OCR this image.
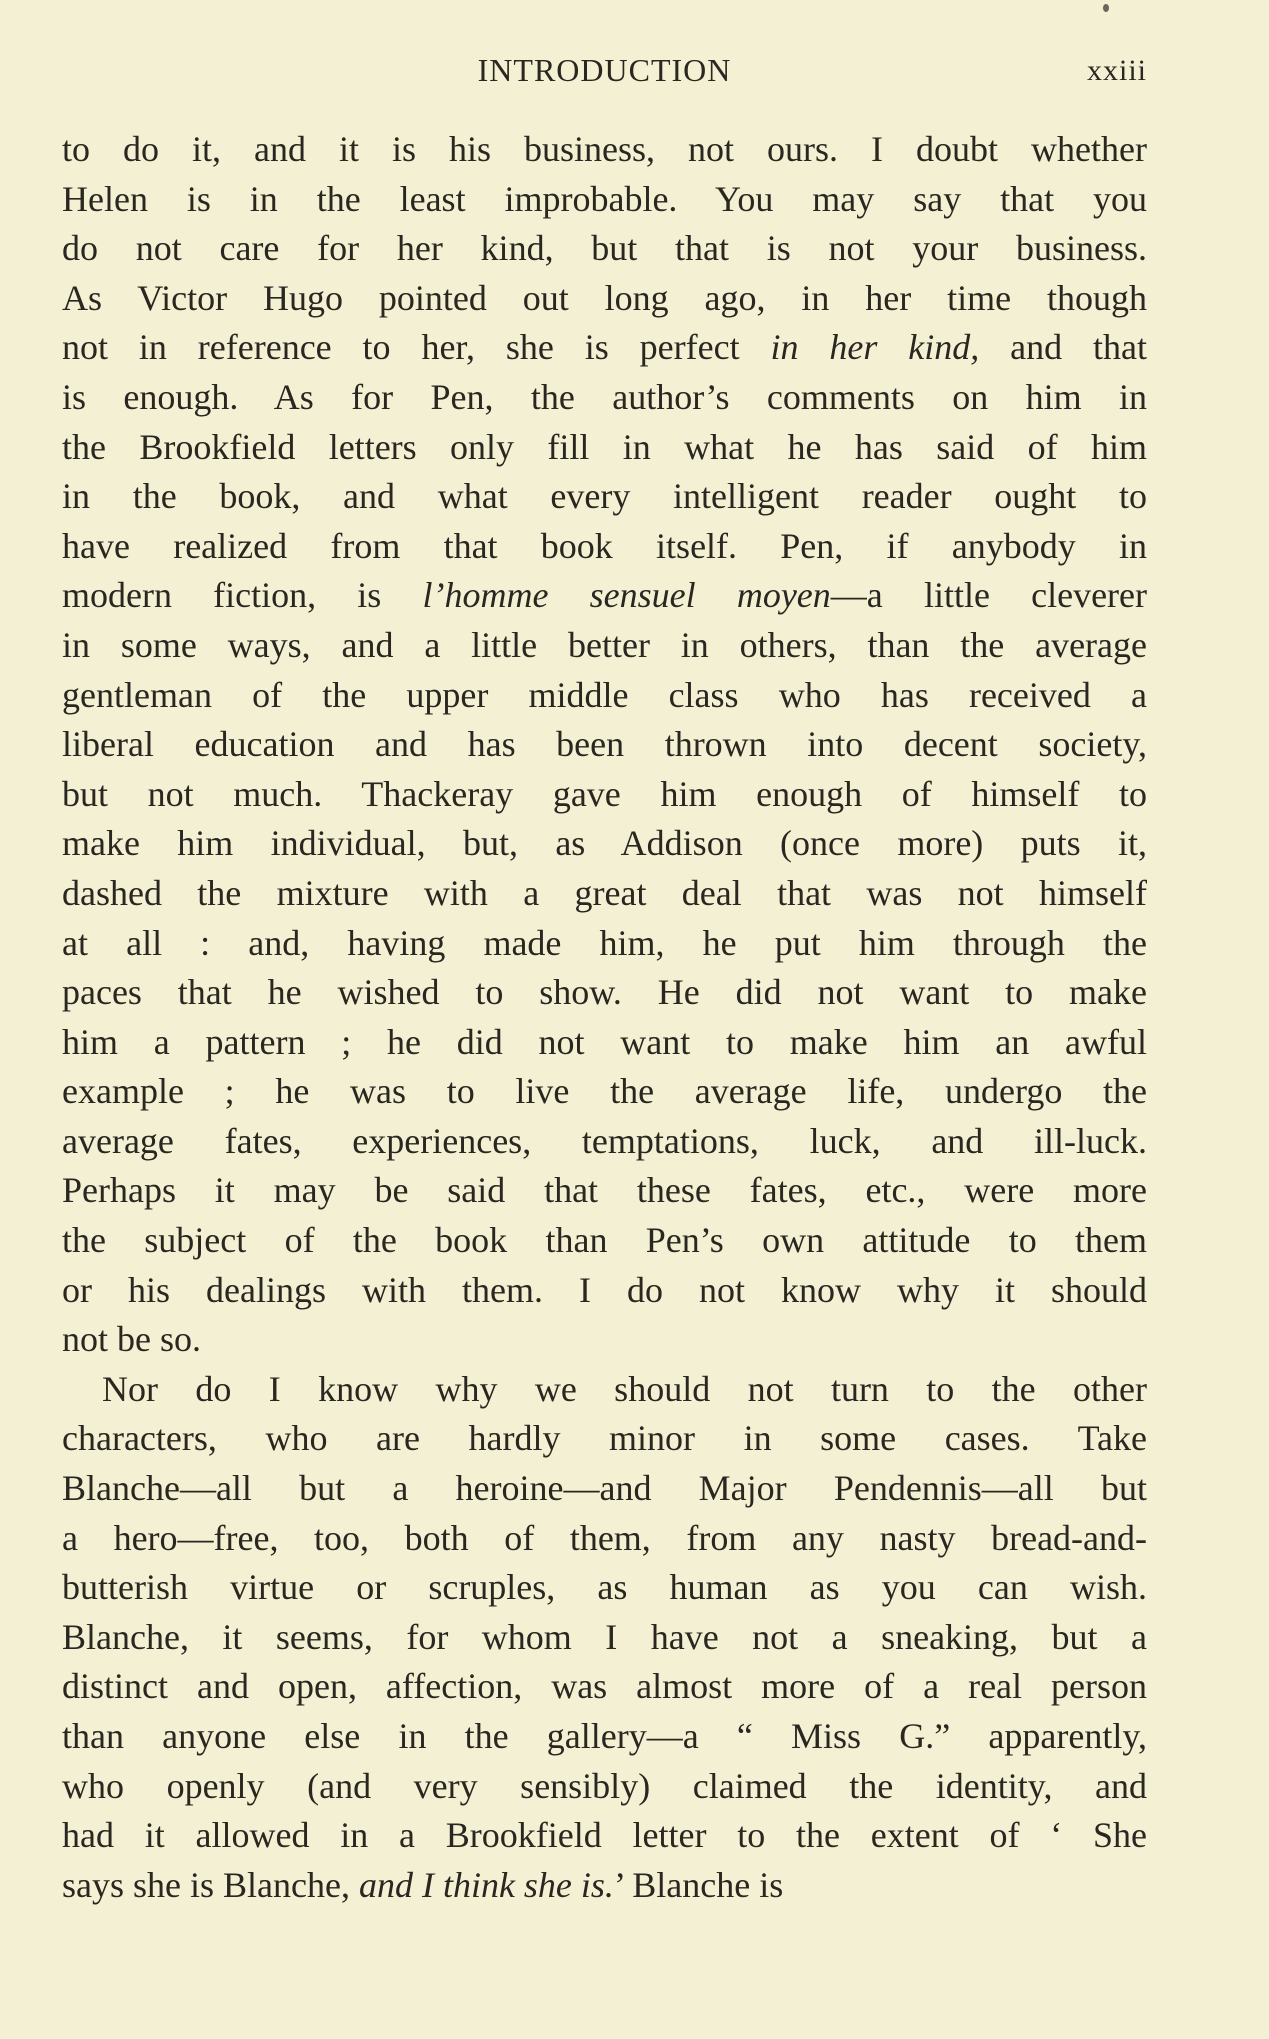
INTRODUCTION	xxiii
to do it, and it is his business, not ours. I doubt whether
Helen is in the least improbable. You may say that you
do not care for her kind, but that is not your business.
As Victor Hugo pointed out long ago, in her time though
not in reference to her, she is perfect in her kind, and that
is enough. As for Pen, the author’s comments on him in
the Brookfield letters only fill in what he has said of him
in the book, and what every intelligent reader ought to
have realized from that book itself. Pen, if anybody in
modern fiction, is l’homme sensuel moyen—a little cleverer
in some ways, and a little better in others, than the average
gentleman of the upper middle class who has received a
liberal education and has been thrown into decent society,
but not much. Thackeray gave him enough of himself to
make him individual, but, as Addison (once more) puts it,
dashed the mixture with a great deal that was not himself
at all : and, having made him, he put him through the
paces that he wished to show. He did not want to make
him a pattern ; he did not want to make him an awful
example ; he was to live the average life, undergo the
average fates, experiences, temptations, luck, and ill-luck.
Perhaps it may be said that these fates, etc., were more
the subject of the book than Pen’s own attitude to them
or his dealings with them. I do not know why it should
not be so.
Nor do I know why we should not turn to the other
characters, who are hardly minor in some cases. Take
Blanche—all but a heroine—and Major Pendennis—all but
a hero—free, too, both of them, from any nasty bread-and-
butterish virtue or scruples, as human as you can wish.
Blanche, it seems, for whom I have not a sneaking, but a
distinct and open, affection, was almost more of a real person
than anyone else in the gallery—a “ Miss G.” apparently,
who openly (and very sensibly) claimed the identity, and
had it allowed in a Brookfield letter to the extent of ‘ She
says she is Blanche, and I think she is.’ Blanche is
